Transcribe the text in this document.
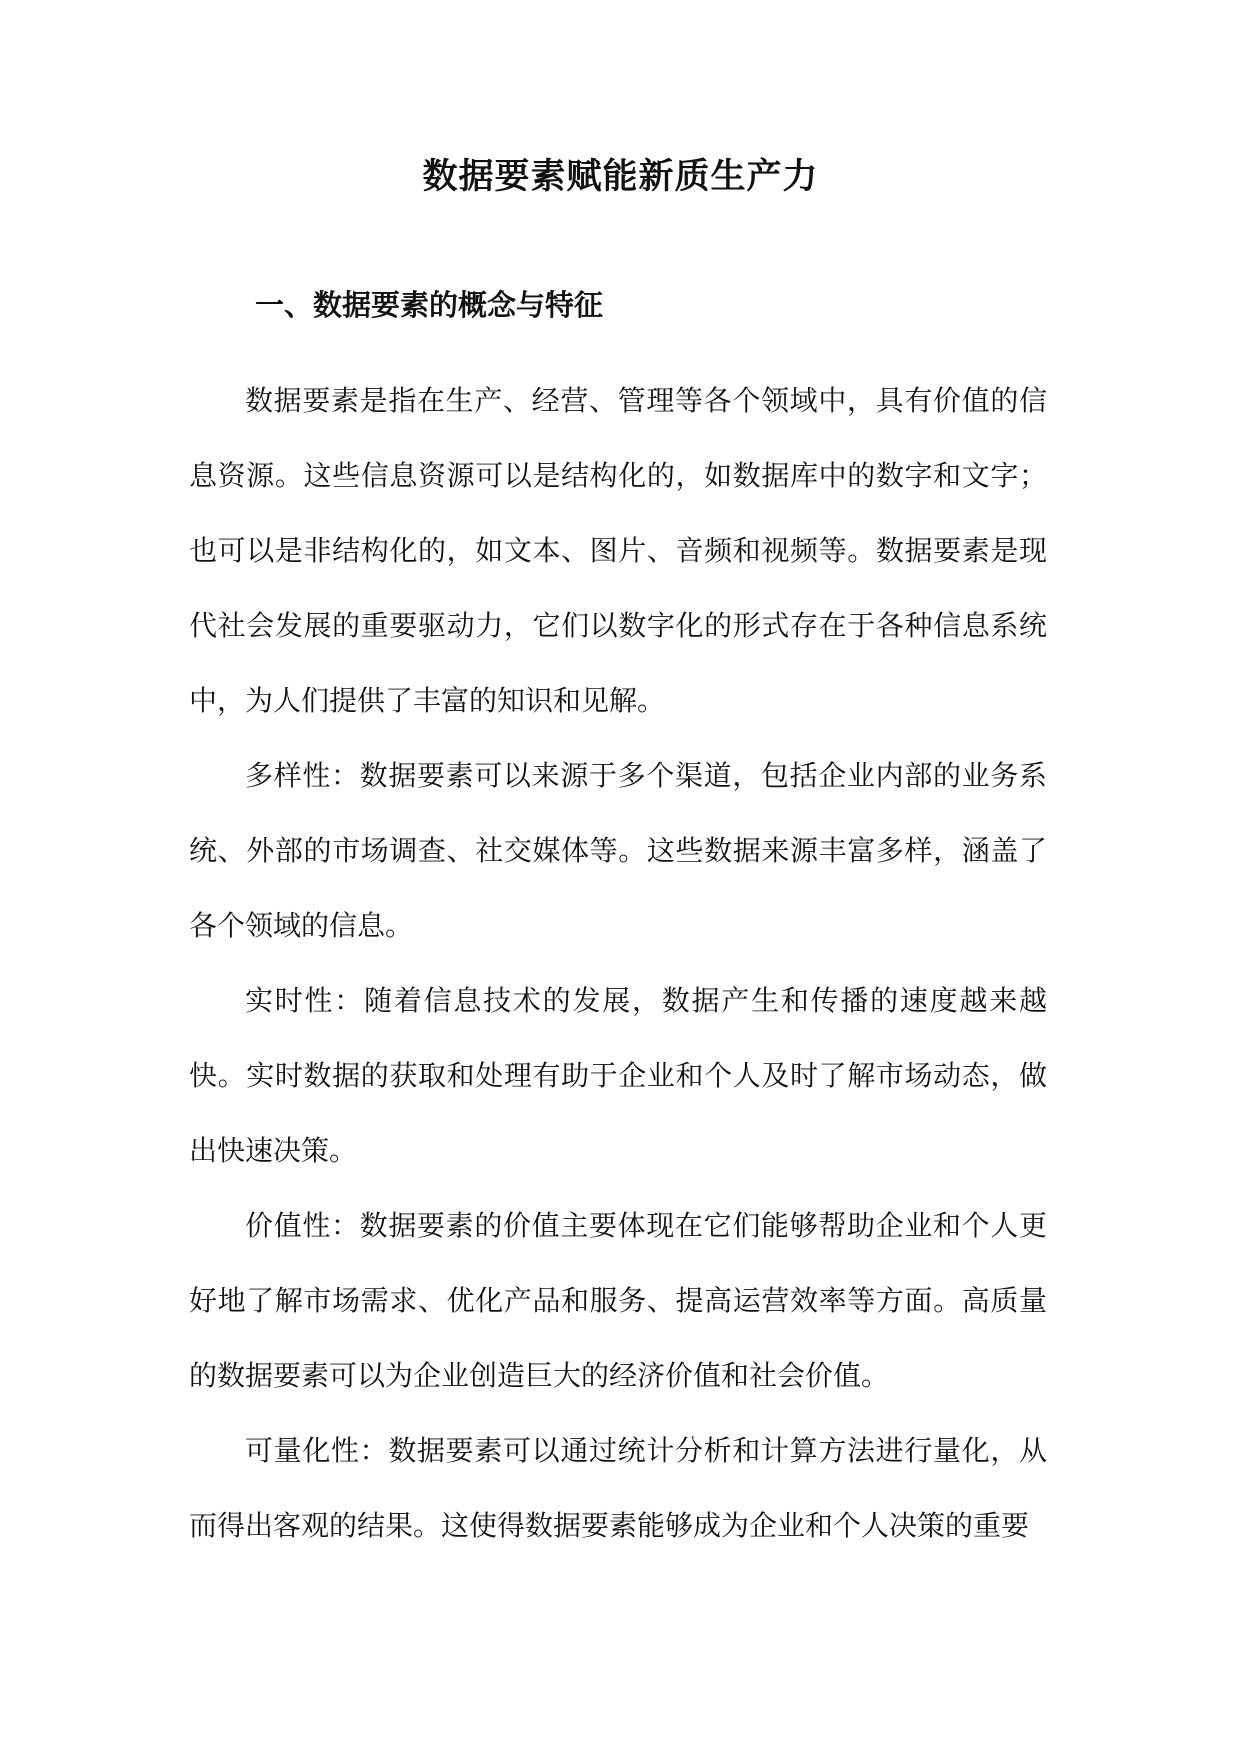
数据要素赋能新质生产力
一、数据要素的概念与特征

数据要素是指在生产、经营、管理等各个领域中，具有价值的信息资源。这些信息资源可以是结构化的，如数据库中的数字和文字；也可以是非结构化的，如文本、图片、音频和视频等。数据要素是现代社会发展的重要驱动力，它们以数字化的形式存在于各种信息系统中，为人们提供了丰富的知识和见解。

多样性：数据要素可以来源于多个渠道，包括企业内部的业务系统、外部的市场调查、社交媒体等。这些数据来源丰富多样，涵盖了各个领域的信息。

实时性：随着信息技术的发展，数据产生和传播的速度越来越快。实时数据的获取和处理有助于企业和个人及时了解市场动态，做出快速决策。

价值性：数据要素的价值主要体现在它们能够帮助企业和个人更好地了解市场需求、优化产品和服务、提高运营效率等方面。高质量的数据要素可以为企业创造巨大的经济价值和社会价值。

可量化性：数据要素可以通过统计分析和计算方法进行量化，从而得出客观的结果。这使得数据要素能够成为企业和个人决策的重要
